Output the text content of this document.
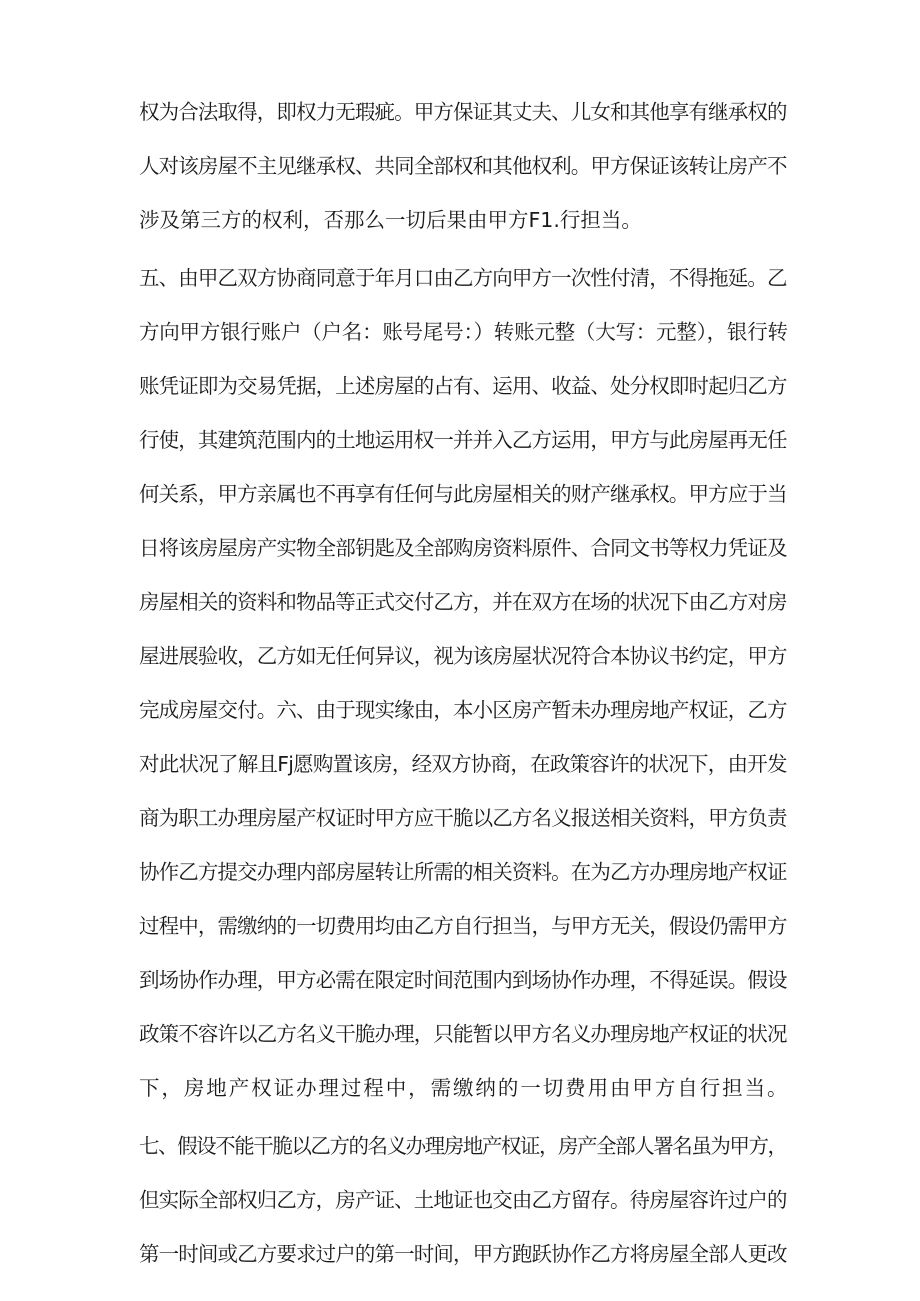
权为合法取得，即权力无瑕疵。甲方保证其丈夫、儿女和其他享有继承权的
人对该房屋不主见继承权、共同全部权和其他权利。甲方保证该转让房产不
涉及第三方的权利，否那么一切后果由甲方F1.行担当。
五、由甲乙双方协商同意于年月口由乙方向甲方一次性付清，不得拖延。乙
方向甲方银行账户（户名：账号尾号：）转账元整（大写：元整），银行转
账凭证即为交易凭据，上述房屋的占有、运用、收益、处分权即时起归乙方
行使，其建筑范围内的土地运用权一并并入乙方运用，甲方与此房屋再无任
何关系，甲方亲属也不再享有任何与此房屋相关的财产继承权。甲方应于当
日将该房屋房产实物全部钥匙及全部购房资料原件、合同文书等权力凭证及
房屋相关的资料和物品等正式交付乙方，并在双方在场的状况下由乙方对房
屋进展验收，乙方如无任何异议，视为该房屋状况符合本协议书约定，甲方
完成房屋交付。六、由于现实缘由，本小区房产暂未办理房地产权证，乙方
对此状况了解且Fj愿购置该房，经双方协商，在政策容许的状况下，由开发
商为职工办理房屋产权证时甲方应干脆以乙方名义报送相关资料，甲方负责
协作乙方提交办理内部房屋转让所需的相关资料。在为乙方办理房地产权证
过程中，需缴纳的一切费用均由乙方自行担当，与甲方无关，假设仍需甲方
到场协作办理，甲方必需在限定时间范围内到场协作办理，不得延误。假设
政策不容许以乙方名义干脆办理，只能暂以甲方名义办理房地产权证的状况
下，房地产权证办理过程中，需缴纳的一切费用由甲方自行担当。
七、假设不能干脆以乙方的名义办理房地产权证，房产全部人署名虽为甲方，
但实际全部权归乙方，房产证、土地证也交由乙方留存。待房屋容许过户的
第一时间或乙方要求过户的第一时间，甲方跑跃协作乙方将房屋全部人更改
